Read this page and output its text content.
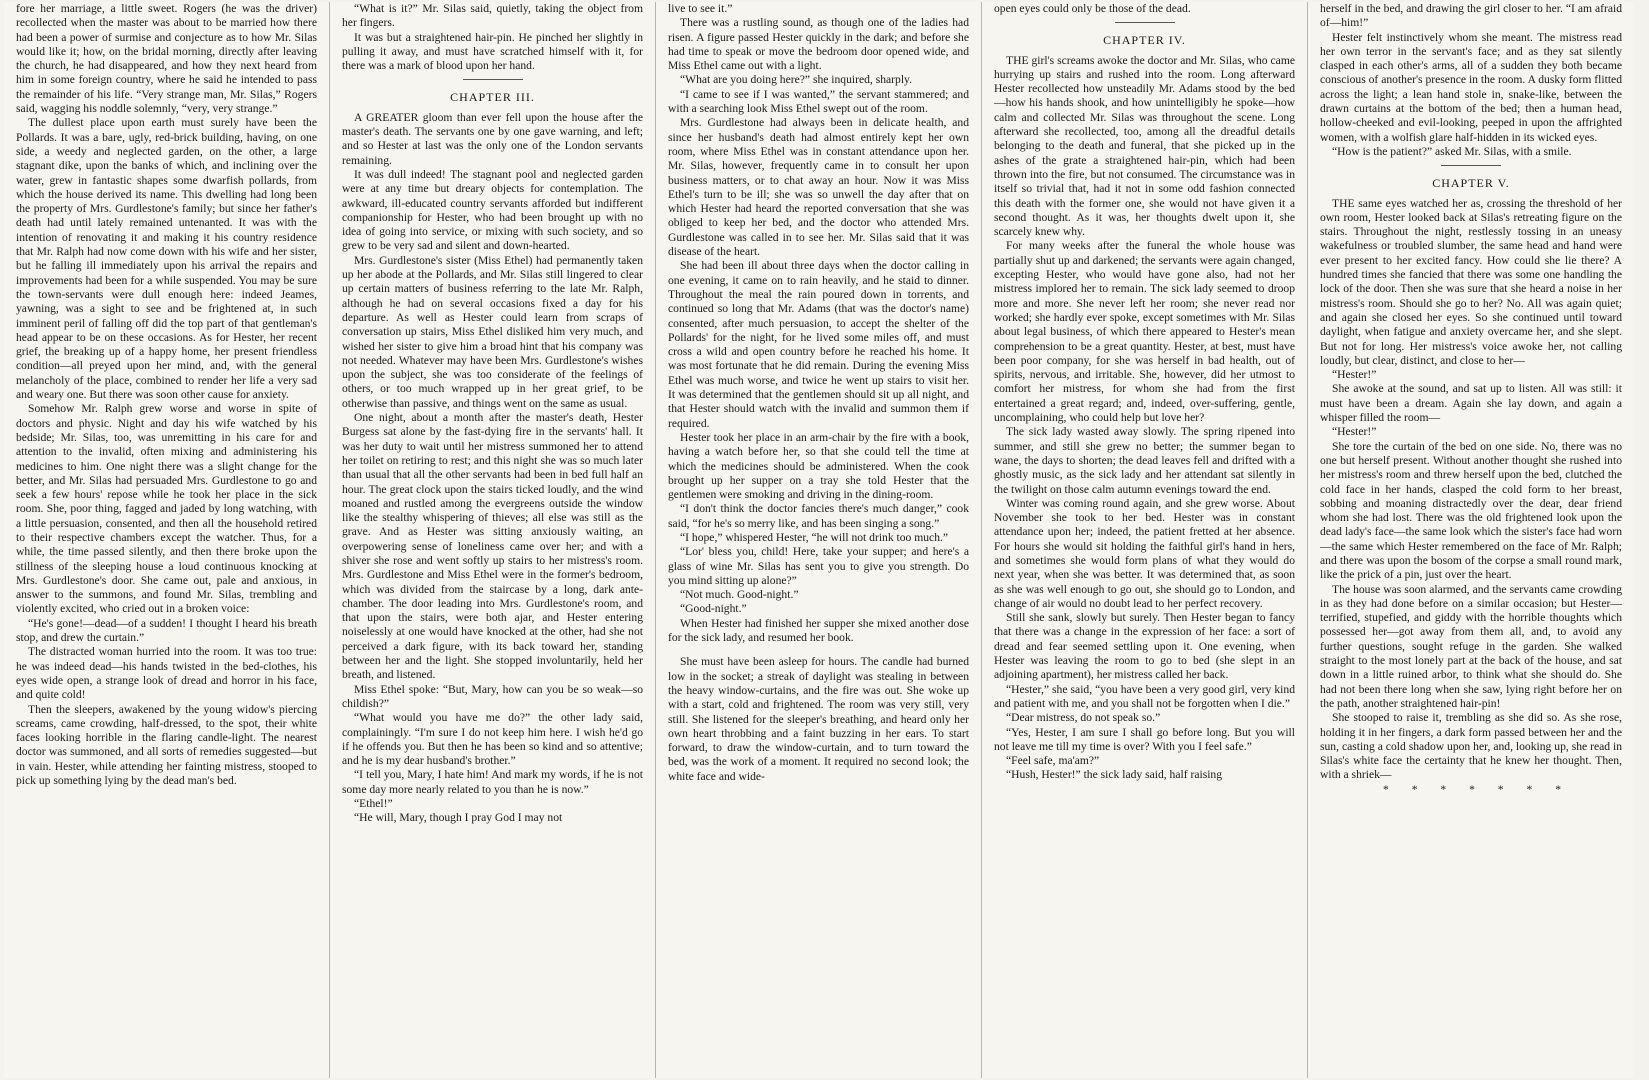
fore her marriage, a little sweet. Rogers (he was the driver) recollected when the master was about to be married how there had been a power of surmise and conjecture as to how Mr. Silas would like it; how, on the bridal morning, directly after leaving the church, he had disappeared, and how they next heard from him in some foreign country, where he said he intended to pass the remainder of his life. “Very strange man, Mr. Silas,” Rogers said, wagging his noddle solemnly, “very, very strange.”

The dullest place upon earth must surely have been the Pollards. It was a bare, ugly, red-brick building, having, on one side, a weedy and neglected garden, on the other, a large stagnant dike, upon the banks of which, and inclining over the water, grew in fantastic shapes some dwarfish pollards, from which the house derived its name. This dwelling had long been the property of Mrs. Gurdlestone's family; but since her father's death had until lately remained untenanted. It was with the intention of renovating it and making it his country residence that Mr. Ralph had now come down with his wife and her sister, but he falling ill immediately upon his arrival the repairs and improvements had been for a while suspended. You may be sure the town-servants were dull enough here: indeed Jeames, yawning, was a sight to see and be frightened at, in such imminent peril of falling off did the top part of that gentleman's head appear to be on these occasions. As for Hester, her recent grief, the breaking up of a happy home, her present friendless condition—all preyed upon her mind, and, with the general melancholy of the place, combined to render her life a very sad and weary one. But there was soon other cause for anxiety.

Somehow Mr. Ralph grew worse and worse in spite of doctors and physic. Night and day his wife watched by his bedside; Mr. Silas, too, was unremitting in his care for and attention to the invalid, often mixing and administering his medicines to him. One night there was a slight change for the better, and Mr. Silas had persuaded Mrs. Gurdlestone to go and seek a few hours' repose while he took her place in the sick room. She, poor thing, fagged and jaded by long watching, with a little persuasion, consented, and then all the household retired to their respective chambers except the watcher. Thus, for a while, the time passed silently, and then there broke upon the stillness of the sleeping house a loud continuous knocking at Mrs. Gurdlestone's door. She came out, pale and anxious, in answer to the summons, and found Mr. Silas, trembling and violently excited, who cried out in a broken voice:

“He's gone!—dead—of a sudden! I thought I heard his breath stop, and drew the curtain.”

The distracted woman hurried into the room. It was too true: he was indeed dead—his hands twisted in the bed-clothes, his eyes wide open, a strange look of dread and horror in his face, and quite cold!

Then the sleepers, awakened by the young widow's piercing screams, came crowding, half-dressed, to the spot, their white faces looking horrible in the flaring candle-light. The nearest doctor was summoned, and all sorts of remedies suggested—but in vain. Hester, while attending her fainting mistress, stooped to pick up something lying by the dead man's bed.

“What is it?” Mr. Silas said, quietly, taking the object from her fingers.

It was but a straightened hair-pin. He pinched her slightly in pulling it away, and must have scratched himself with it, for there was a mark of blood upon her hand.

CHAPTER III.

A GREATER gloom than ever fell upon the house after the master's death. The servants one by one gave warning, and left; and so Hester at last was the only one of the London servants remaining.

It was dull indeed! The stagnant pool and neglected garden were at any time but dreary objects for contemplation. The awkward, ill-educated country servants afforded but indifferent companionship for Hester, who had been brought up with no idea of going into service, or mixing with such society, and so grew to be very sad and silent and down-hearted.

Mrs. Gurdlestone's sister (Miss Ethel) had permanently taken up her abode at the Pollards, and Mr. Silas still lingered to clear up certain matters of business referring to the late Mr. Ralph, although he had on several occasions fixed a day for his departure. As well as Hester could learn from scraps of conversation up stairs, Miss Ethel disliked him very much, and wished her sister to give him a broad hint that his company was not needed. Whatever may have been Mrs. Gurdlestone's wishes upon the subject, she was too considerate of the feelings of others, or too much wrapped up in her great grief, to be otherwise than passive, and things went on the same as usual.

One night, about a month after the master's death, Hester Burgess sat alone by the fast-dying fire in the servants' hall. It was her duty to wait until her mistress summoned her to attend her toilet on retiring to rest; and this night she was so much later than usual that all the other servants had been in bed full half an hour. The great clock upon the stairs ticked loudly, and the wind moaned and rustled among the evergreens outside the window like the stealthy whispering of thieves; all else was still as the grave. And as Hester was sitting anxiously waiting, an overpowering sense of loneliness came over her; and with a shiver she rose and went softly up stairs to her mistress's room. Mrs. Gurdlestone and Miss Ethel were in the former's bedroom, which was divided from the staircase by a long, dark ante-chamber. The door leading into Mrs. Gurdlestone's room, and that upon the stairs, were both ajar, and Hester entering noiselessly at one would have knocked at the other, had she not perceived a dark figure, with its back toward her, standing between her and the light. She stopped involuntarily, held her breath, and listened.

Miss Ethel spoke: “But, Mary, how can you be so weak—so childish?”

“What would you have me do?” the other lady said, complainingly. “I'm sure I do not keep him here. I wish he'd go if he offends you. But then he has been so kind and so attentive; and he is my dear husband's brother.”

“I tell you, Mary, I hate him! And mark my words, if he is not some day more nearly related to you than he is now.”

“Ethel!”

“He will, Mary, though I pray God I may not

live to see it.”

There was a rustling sound, as though one of the ladies had risen. A figure passed Hester quickly in the dark; and before she had time to speak or move the bedroom door opened wide, and Miss Ethel came out with a light.

“What are you doing here?” she inquired, sharply.

“I came to see if I was wanted,” the servant stammered; and with a searching look Miss Ethel swept out of the room.

Mrs. Gurdlestone had always been in delicate health, and since her husband's death had almost entirely kept her own room, where Miss Ethel was in constant attendance upon her. Mr. Silas, however, frequently came in to consult her upon business matters, or to chat away an hour. Now it was Miss Ethel's turn to be ill; she was so unwell the day after that on which Hester had heard the reported conversation that she was obliged to keep her bed, and the doctor who attended Mrs. Gurdlestone was called in to see her. Mr. Silas said that it was disease of the heart.

She had been ill about three days when the doctor calling in one evening, it came on to rain heavily, and he staid to dinner. Throughout the meal the rain poured down in torrents, and continued so long that Mr. Adams (that was the doctor's name) consented, after much persuasion, to accept the shelter of the Pollards' for the night, for he lived some miles off, and must cross a wild and open country before he reached his home. It was most fortunate that he did remain. During the evening Miss Ethel was much worse, and twice he went up stairs to visit her. It was determined that the gentlemen should sit up all night, and that Hester should watch with the invalid and summon them if required.

Hester took her place in an arm-chair by the fire with a book, having a watch before her, so that she could tell the time at which the medicines should be administered. When the cook brought up her supper on a tray she told Hester that the gentlemen were smoking and driving in the dining-room.

“I don't think the doctor fancies there's much danger,” cook said, “for he's so merry like, and has been singing a song.”

“I hope,” whispered Hester, “he will not drink too much.”

“Lor' bless you, child! Here, take your supper; and here's a glass of wine Mr. Silas has sent you to give you strength. Do you mind sitting up alone?”

“Not much. Good-night.”

“Good-night.”

When Hester had finished her supper she mixed another dose for the sick lady, and resumed her book.

She must have been asleep for hours. The candle had burned low in the socket; a streak of daylight was stealing in between the heavy window-curtains, and the fire was out. She woke up with a start, cold and frightened. The room was very still, very still. She listened for the sleeper's breathing, and heard only her own heart throbbing and a faint buzzing in her ears. To start forward, to draw the window-curtain, and to turn toward the bed, was the work of a moment. It required no second look; the white face and wide-

open eyes could only be those of the dead.

CHAPTER IV.

THE girl's screams awoke the doctor and Mr. Silas, who came hurrying up stairs and rushed into the room. Long afterward Hester recollected how unsteadily Mr. Adams stood by the bed—how his hands shook, and how unintelligibly he spoke—how calm and collected Mr. Silas was throughout the scene. Long afterward she recollected, too, among all the dreadful details belonging to the death and funeral, that she picked up in the ashes of the grate a straightened hair-pin, which had been thrown into the fire, but not consumed. The circumstance was in itself so trivial that, had it not in some odd fashion connected this death with the former one, she would not have given it a second thought. As it was, her thoughts dwelt upon it, she scarcely knew why.

For many weeks after the funeral the whole house was partially shut up and darkened; the servants were again changed, excepting Hester, who would have gone also, had not her mistress implored her to remain. The sick lady seemed to droop more and more. She never left her room; she never read nor worked; she hardly ever spoke, except sometimes with Mr. Silas about legal business, of which there appeared to Hester's mean comprehension to be a great quantity. Hester, at best, must have been poor company, for she was herself in bad health, out of spirits, nervous, and irritable. She, however, did her utmost to comfort her mistress, for whom she had from the first entertained a great regard; and, indeed, over-suffering, gentle, uncomplaining, who could help but love her?

The sick lady wasted away slowly. The spring ripened into summer, and still she grew no better; the summer began to wane, the days to shorten; the dead leaves fell and drifted with a ghostly music, as the sick lady and her attendant sat silently in the twilight on those calm autumn evenings toward the end.

Winter was coming round again, and she grew worse. About November she took to her bed. Hester was in constant attendance upon her; indeed, the patient fretted at her absence. For hours she would sit holding the faithful girl's hand in hers, and sometimes she would form plans of what they would do next year, when she was better. It was determined that, as soon as she was well enough to go out, she should go to London, and change of air would no doubt lead to her perfect recovery.

Still she sank, slowly but surely. Then Hester began to fancy that there was a change in the expression of her face: a sort of dread and fear seemed settling upon it. One evening, when Hester was leaving the room to go to bed (she slept in an adjoining apartment), her mistress called her back.

“Hester,” she said, “you have been a very good girl, very kind and patient with me, and you shall not be forgotten when I die.”

“Dear mistress, do not speak so.”

“Yes, Hester, I am sure I shall go before long. But you will not leave me till my time is over? With you I feel safe.”

“Feel safe, ma'am?”

“Hush, Hester!” the sick lady said, half raising

herself in the bed, and drawing the girl closer to her. “I am afraid of—him!”

Hester felt instinctively whom she meant. The mistress read her own terror in the servant's face; and as they sat silently clasped in each other's arms, all of a sudden they both became conscious of another's presence in the room. A dusky form flitted across the light; a lean hand stole in, snake-like, between the drawn curtains at the bottom of the bed; then a human head, hollow-cheeked and evil-looking, peeped in upon the affrighted women, with a wolfish glare half-hidden in its wicked eyes.

“How is the patient?” asked Mr. Silas, with a smile.

CHAPTER V.

THE same eyes watched her as, crossing the threshold of her own room, Hester looked back at Silas's retreating figure on the stairs. Throughout the night, restlessly tossing in an uneasy wakefulness or troubled slumber, the same head and hand were ever present to her excited fancy. How could she lie there? A hundred times she fancied that there was some one handling the lock of the door. Then she was sure that she heard a noise in her mistress's room. Should she go to her? No. All was again quiet; and again she closed her eyes. So she continued until toward daylight, when fatigue and anxiety overcame her, and she slept. But not for long. Her mistress's voice awoke her, not calling loudly, but clear, distinct, and close to her—

“Hester!”

She awoke at the sound, and sat up to listen. All was still: it must have been a dream. Again she lay down, and again a whisper filled the room—

“Hester!”

She tore the curtain of the bed on one side. No, there was no one but herself present. Without another thought she rushed into her mistress's room and threw herself upon the bed, clutched the cold face in her hands, clasped the cold form to her breast, sobbing and moaning distractedly over the dear, dear friend whom she had lost. There was the old frightened look upon the dead lady's face—the same look which the sister's face had worn—the same which Hester remembered on the face of Mr. Ralph; and there was upon the bosom of the corpse a small round mark, like the prick of a pin, just over the heart.

The house was soon alarmed, and the servants came crowding in as they had done before on a similar occasion; but Hester—terrified, stupefied, and giddy with the horrible thoughts which possessed her—got away from them all, and, to avoid any further questions, sought refuge in the garden. She walked straight to the most lonely part at the back of the house, and sat down in a little ruined arbor, to think what she should do. She had not been there long when she saw, lying right before her on the path, another straightened hair-pin!

She stooped to raise it, trembling as she did so. As she rose, holding it in her fingers, a dark form passed between her and the sun, casting a cold shadow upon her, and, looking up, she read in Silas's white face the certainty that he knew her thought. Then, with a shriek—

* * * * * * *
